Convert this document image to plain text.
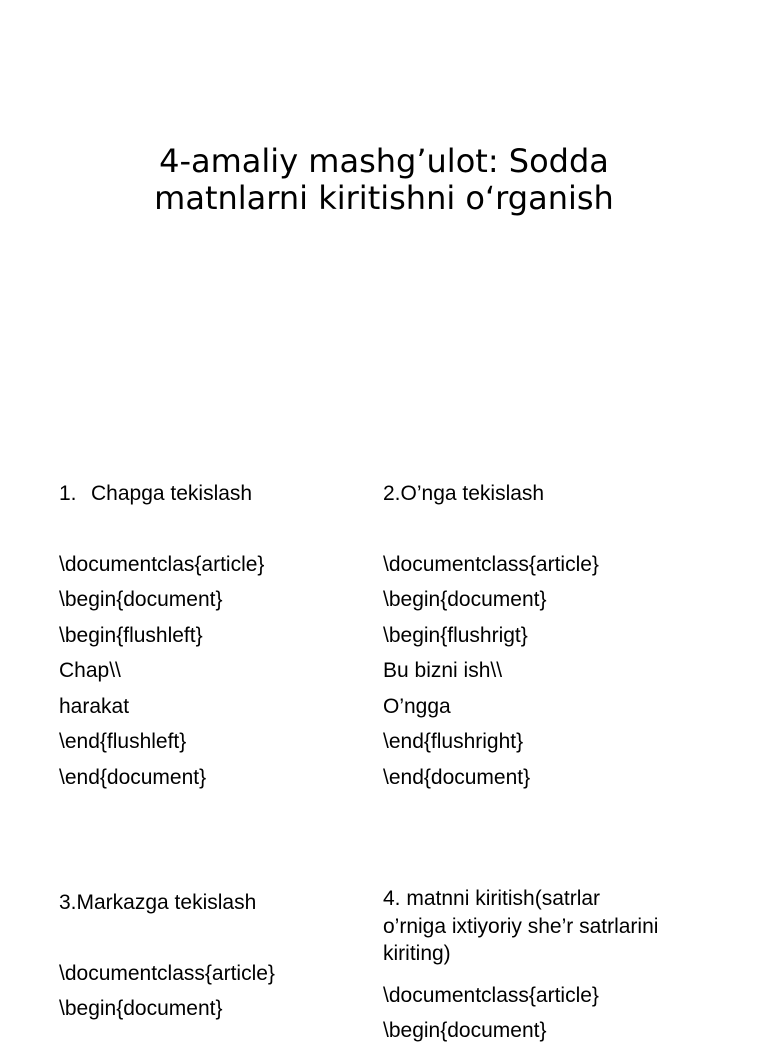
4-amaliy mashg’ulot: Sodda
matnlarni kiritishni o‘rganish
1. Chapga tekislash
\documentclas{article}
\begin{document}
\begin{flushleft}
Chap\\
harakat
\end{flushleft}
\end{document}
2.O’nga tekislash
\documentclass{article}
\begin{document}
\begin{flushrigt}
Bu bizni ish\\
O’ngga
\end{flushright}
\end{document}
3.Markazga tekislash
\documentclass{article}
\begin{document}
4. matnni kiritish(satrlar
o’rniga ixtiyoriy she’r satrlarini
kiriting)
\documentclass{article}
\begin{document}
